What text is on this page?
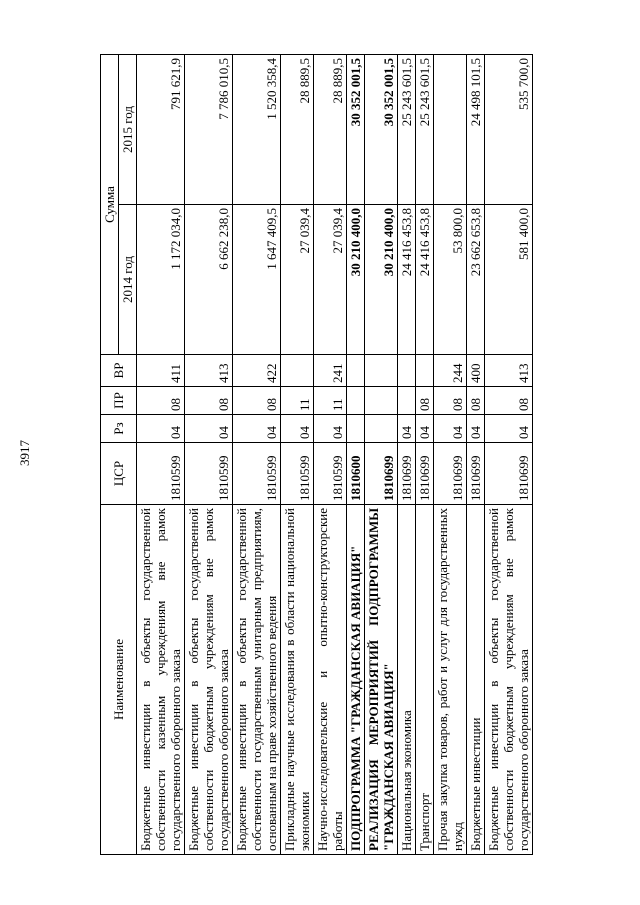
3917
Наименование	ЦСР	Рз	ПР	ВР	Сумма	
					2014 год	2015 год
Бюджетные инвестиции в объекты государственной собственности казенным учреждениям вне рамок государственного оборонного заказа	1810599	04	08	411	1 172 034,0	791 621,9
Бюджетные инвестиции в объекты государственной собственности бюджетным учреждениям вне рамок государственного оборонного заказа	1810599	04	08	413	6 662 238,0	7 786 010,5
Бюджетные инвестиции в объекты государственной собственности государственным унитарным предприятиям, основанным на праве хозяйственного ведения	1810599	04	08	422	1 647 409,5	1 520 358,4
Прикладные научные исследования в области национальной экономики	1810599	04	11		27 039,4	28 889,5
Научно-исследовательские и опытно-конструкторские работы	1810599	04	11	241	27 039,4	28 889,5
ПОДПРОГРАММА "ГРАЖДАНСКАЯ АВИАЦИЯ"	1810600				30 210 400,0	30 352 001,5
РЕАЛИЗАЦИЯ МЕРОПРИЯТИЙ ПОДПРОГРАММЫ "ГРАЖДАНСКАЯ АВИАЦИЯ"	1810699				30 210 400,0	30 352 001,5
Национальная экономика	1810699	04			24 416 453,8	25 243 601,5
Транспорт	1810699	04	08		24 416 453,8	25 243 601,5
Прочая закупка товаров, работ и услуг для государственных нужд	1810699	04	08	244	53 800,0	
Бюджетные инвестиции	1810699	04	08	400	23 662 653,8	24 498 101,5
Бюджетные инвестиции в объекты государственной собственности бюджетным учреждениям вне рамок государственного оборонного заказа	1810699	04	08	413	581 400,0	535 700,0
